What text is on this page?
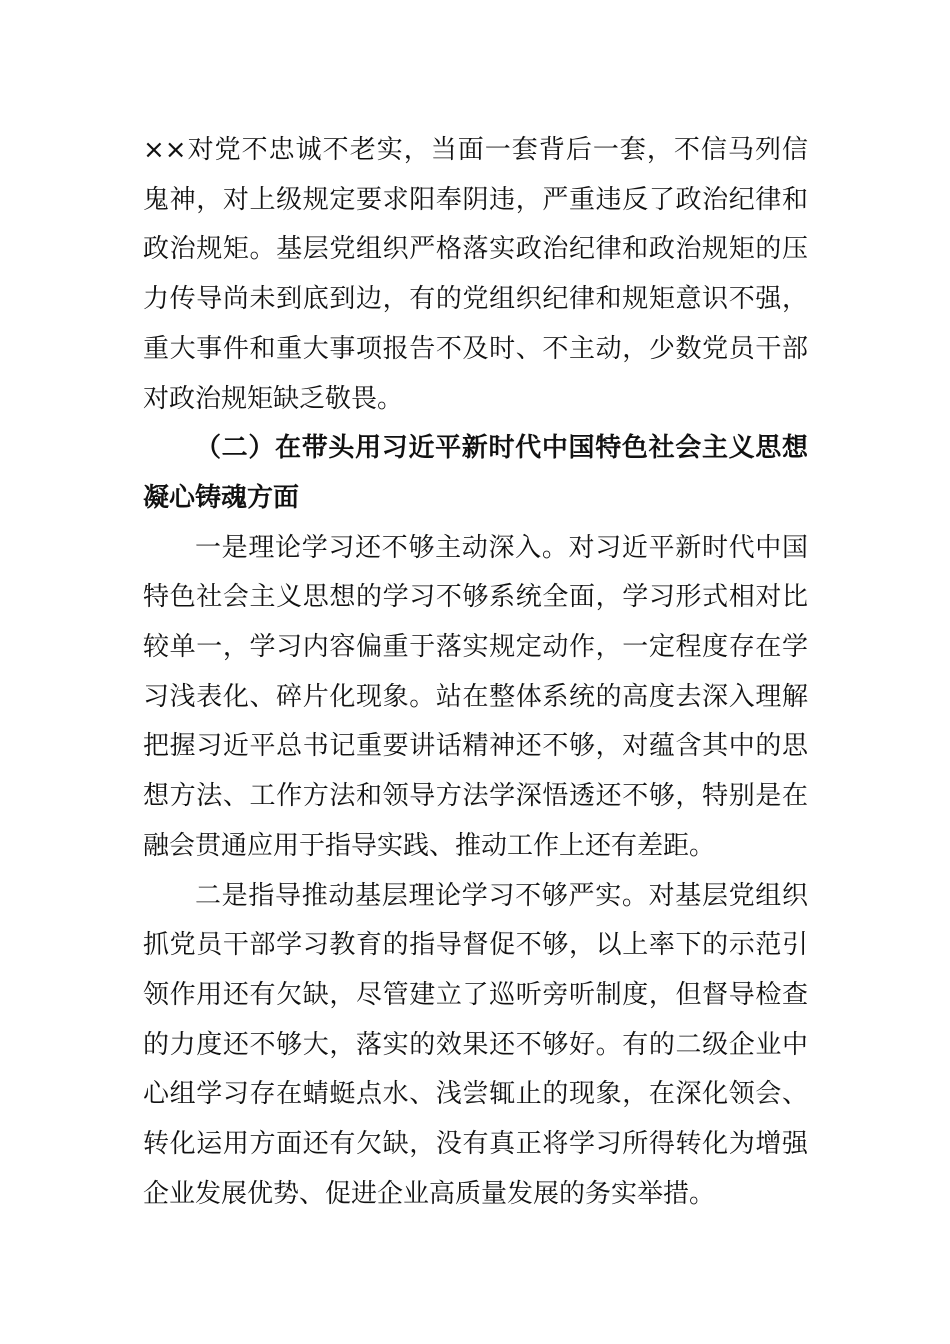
××对党不忠诚不老实，当面一套背后一套，不信马列信鬼神，对上级规定要求阳奉阴违，严重违反了政治纪律和政治规矩。基层党组织严格落实政治纪律和政治规矩的压力传导尚未到底到边，有的党组织纪律和规矩意识不强，重大事件和重大事项报告不及时、不主动，少数党员干部对政治规矩缺乏敬畏。

（二）在带头用习近平新时代中国特色社会主义思想凝心铸魂方面

一是理论学习还不够主动深入。对习近平新时代中国特色社会主义思想的学习不够系统全面，学习形式相对比较单一，学习内容偏重于落实规定动作，一定程度存在学习浅表化、碎片化现象。站在整体系统的高度去深入理解把握习近平总书记重要讲话精神还不够，对蕴含其中的思想方法、工作方法和领导方法学深悟透还不够，特别是在融会贯通应用于指导实践、推动工作上还有差距。

二是指导推动基层理论学习不够严实。对基层党组织抓党员干部学习教育的指导督促不够，以上率下的示范引领作用还有欠缺，尽管建立了巡听旁听制度，但督导检查的力度还不够大，落实的效果还不够好。有的二级企业中心组学习存在蜻蜓点水、浅尝辄止的现象，在深化领会、转化运用方面还有欠缺，没有真正将学习所得转化为增强企业发展优势、促进企业高质量发展的务实举措。
